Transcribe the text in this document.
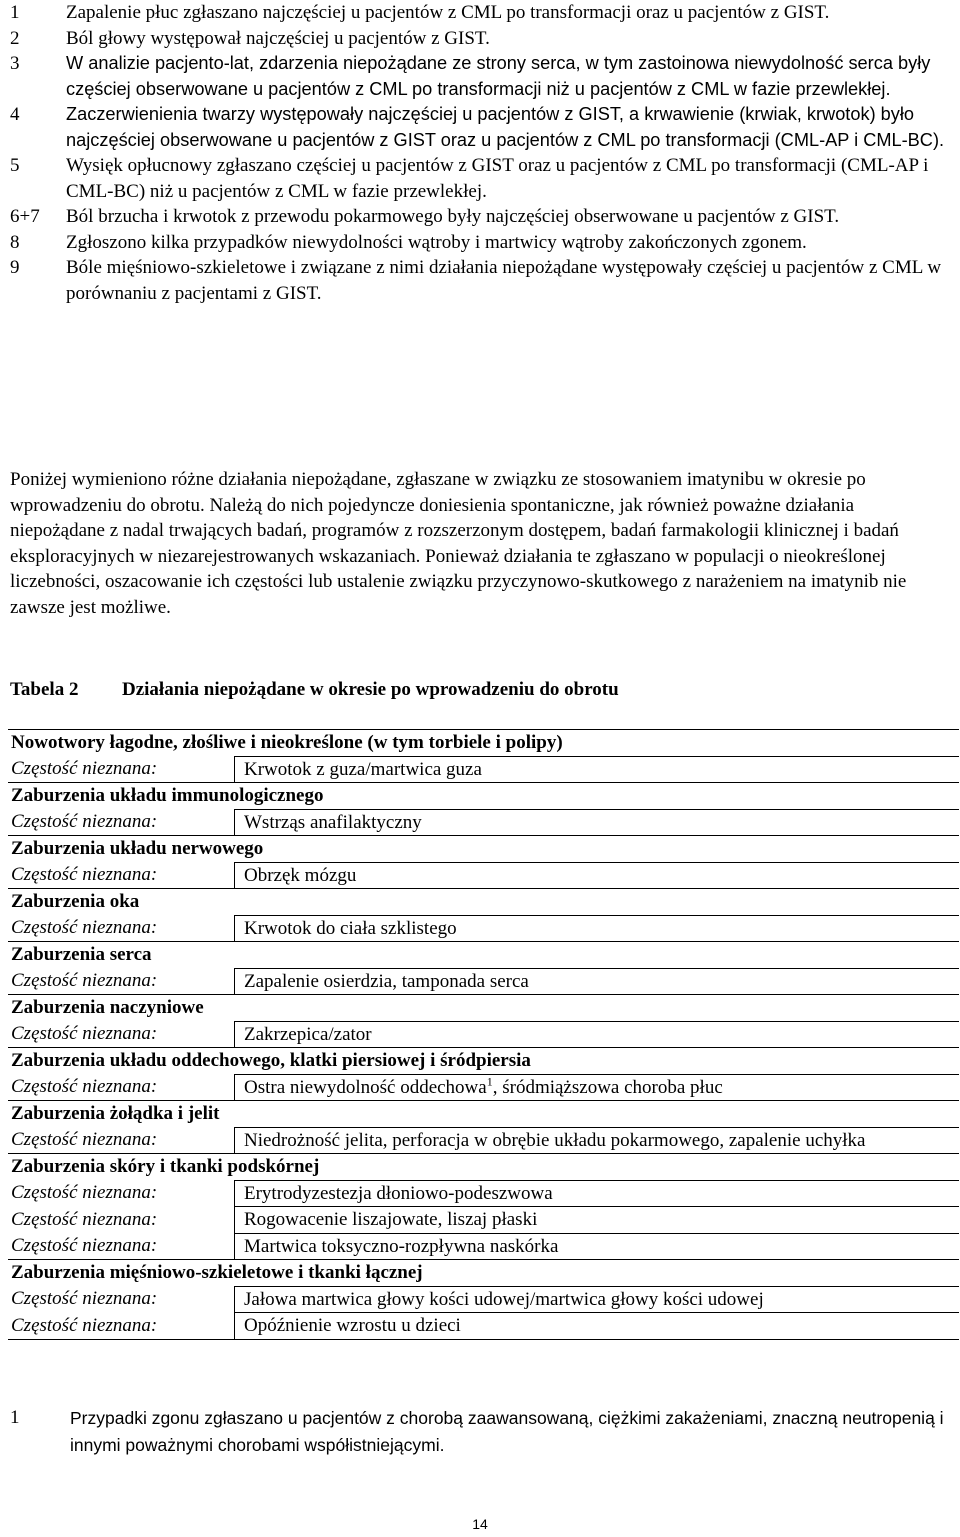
1	Zapalenie płuc zgłaszano najczęściej u pacjentów z CML po transformacji oraz u pacjentów z GIST.
2	Ból głowy występował najczęściej u pacjentów z GIST.
3	W analizie pacjento-lat, zdarzenia niepożądane ze strony serca, w tym zastoinowa niewydolność serca były częściej obserwowane u pacjentów z CML po transformacji niż u pacjentów z CML w fazie przewlekłej.
4	Zaczerwienienia twarzy występowały najczęściej u pacjentów z GIST, a krwawienie (krwiak, krwotok) było najczęściej obserwowane u pacjentów z GIST oraz u pacjentów z CML po transformacji (CML-AP i CML-BC).
5	Wysięk opłucnowy zgłaszano częściej u pacjentów z GIST oraz u pacjentów z CML po transformacji (CML-AP i CML-BC) niż u pacjentów z CML w fazie przewlekłej.
6+7	Ból brzucha i krwotok z przewodu pokarmowego były najczęściej obserwowane u pacjentów z GIST.
8	Zgłoszono kilka przypadków niewydolności wątroby i martwicy wątroby zakończonych zgonem.
9	Bóle mięśniowo-szkieletowe i związane z nimi działania niepożądane występowały częściej u pacjentów z CML w porównaniu z pacjentami z GIST.

Poniżej wymieniono różne działania niepożądane, zgłaszane w związku ze stosowaniem imatynibu w okresie po wprowadzeniu do obrotu. Należą do nich pojedyncze doniesienia spontaniczne, jak również poważne działania niepożądane z nadal trwających badań, programów z rozszerzonym dostępem, badań farmakologii klinicznej i badań eksploracyjnych w niezarejestrowanych wskazaniach. Ponieważ działania te zgłaszano w populacji o nieokreślonej liczebności, oszacowanie ich częstości lub ustalenie związku przyczynowo-skutkowego z narażeniem na imatynib nie zawsze jest możliwe.

Tabela 2	Działania niepożądane w okresie po wprowadzeniu do obrotu
Nowotwory łagodne, złośliwe i nieokreślone (w tym torbiele i polipy)	
Częstość nieznana:	Krwotok z guza/martwica guza
Zaburzenia układu immunologicznego	
Częstość nieznana:	Wstrząs anafilaktyczny
Zaburzenia układu nerwowego	
Częstość nieznana:	Obrzęk mózgu
Zaburzenia oka	
Częstość nieznana:	Krwotok do ciała szklistego
Zaburzenia serca	
Częstość nieznana:	Zapalenie osierdzia, tamponada serca
Zaburzenia naczyniowe	
Częstość nieznana:	Zakrzepica/zator
Zaburzenia układu oddechowego, klatki piersiowej i śródpiersia	
Częstość nieznana:	Ostra niewydolność oddechowa$^1$, śródmiąższowa choroba płuc
Zaburzenia żołądka i jelit	
Częstość nieznana:	Niedrożność jelita, perforacja w obrębie układu pokarmowego, zapalenie uchyłka
Zaburzenia skóry i tkanki podskórnej	
Częstość nieznana:	Erytrodyzestezja dłoniowo-podeszwowa
Częstość nieznana:	Rogowacenie liszajowate, liszaj płaski
Częstość nieznana:	Martwica toksyczno-rozpływna naskórka
Zaburzenia mięśniowo-szkieletowe i tkanki łącznej	
Częstość nieznana:	Jałowa martwica głowy kości udowej/martwica głowy kości udowej
Częstość nieznana:	Opóźnienie wzrostu u dzieci
1	Przypadki zgonu zgłaszano u pacjentów z chorobą zaawansowaną, ciężkimi zakażeniami, znaczną neutropenią i innymi poważnymi chorobami współistniejącymi.
14
